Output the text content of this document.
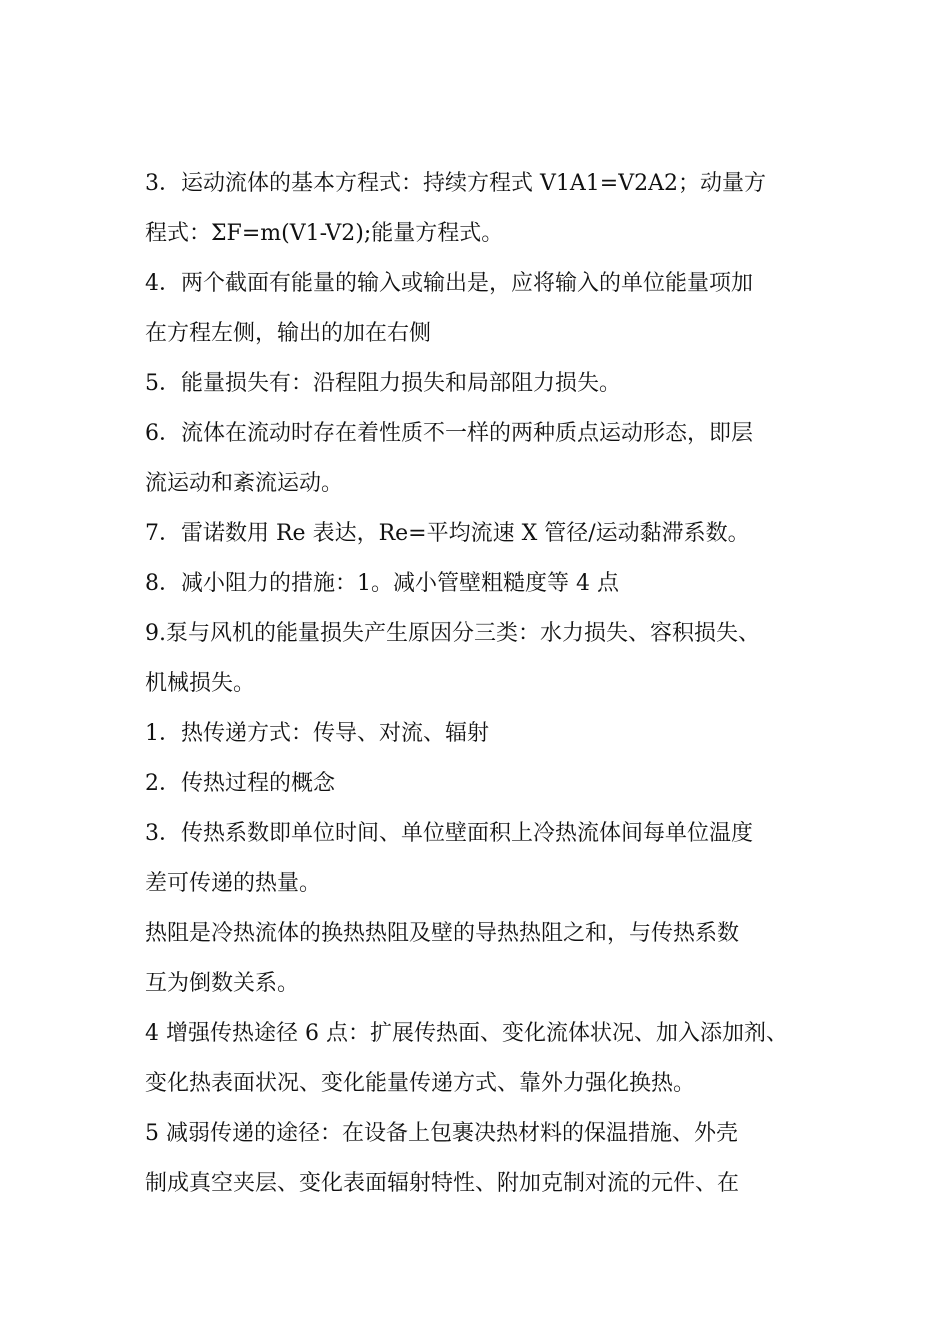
3．运动流体的基本方程式：持续方程式 V1A1=V2A2；动量方
程式：ΣF=m(V1-V2);能量方程式。
4．两个截面有能量的输入或输出是，应将输入的单位能量项加
在方程左侧，输出的加在右侧
5．能量损失有：沿程阻力损失和局部阻力损失。
6．流体在流动时存在着性质不一样的两种质点运动形态，即层
流运动和紊流运动。
7．雷诺数用 Re 表达，Re=平均流速 X 管径/运动黏滞系数。
8．减小阻力的措施：1。减小管壁粗糙度等 4 点
9.泵与风机的能量损失产生原因分三类：水力损失、容积损失、
机械损失。
1．热传递方式：传导、对流、辐射
2．传热过程的概念
3．传热系数即单位时间、单位壁面积上冷热流体间每单位温度
差可传递的热量。
热阻是冷热流体的换热热阻及壁的导热热阻之和，与传热系数
互为倒数关系。
4 增强传热途径 6 点：扩展传热面、变化流体状况、加入添加剂、
变化热表面状况、变化能量传递方式、靠外力强化换热。
5 减弱传递的途径：在设备上包裹决热材料的保温措施、外壳
制成真空夹层、变化表面辐射特性、附加克制对流的元件、在
